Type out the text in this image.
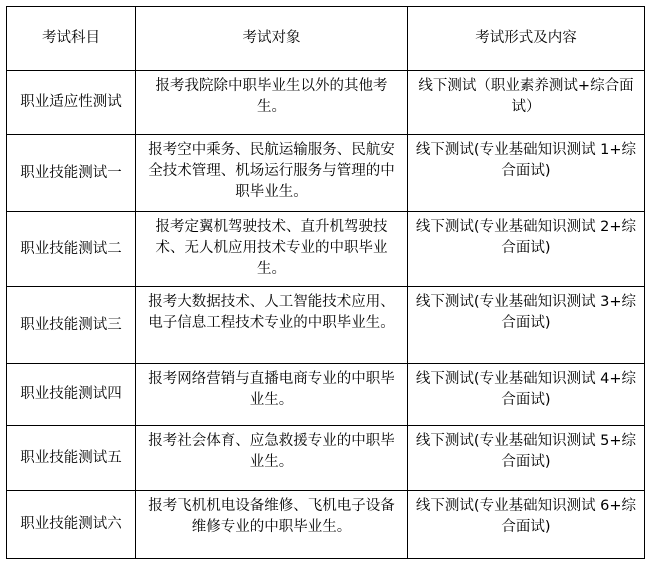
考试科目	考试对象	考试形式及内容
职业适应性测试	报考我院除中职毕业生以外的其他考生。	线下测试（职业素养测试+综合面试）
职业技能测试一	报考空中乘务、民航运输服务、民航安全技术管理、机场运行服务与管理的中职毕业生。	线下测试(专业基础知识测试 1+综合面试)
职业技能测试二	报考定翼机驾驶技术、直升机驾驶技术、无人机应用技术专业的中职毕业生。	线下测试(专业基础知识测试 2+综合面试)
职业技能测试三	报考大数据技术、人工智能技术应用、电子信息工程技术专业的中职毕业生。	线下测试(专业基础知识测试 3+综合面试)
职业技能测试四	报考网络营销与直播电商专业的中职毕业生。	线下测试(专业基础知识测试 4+综合面试)
职业技能测试五	报考社会体育、应急救援专业的中职毕业生。	线下测试(专业基础知识测试 5+综合面试)
职业技能测试六	报考飞机机电设备维修、飞机电子设备维修专业的中职毕业生。	线下测试(专业基础知识测试 6+综合面试)
